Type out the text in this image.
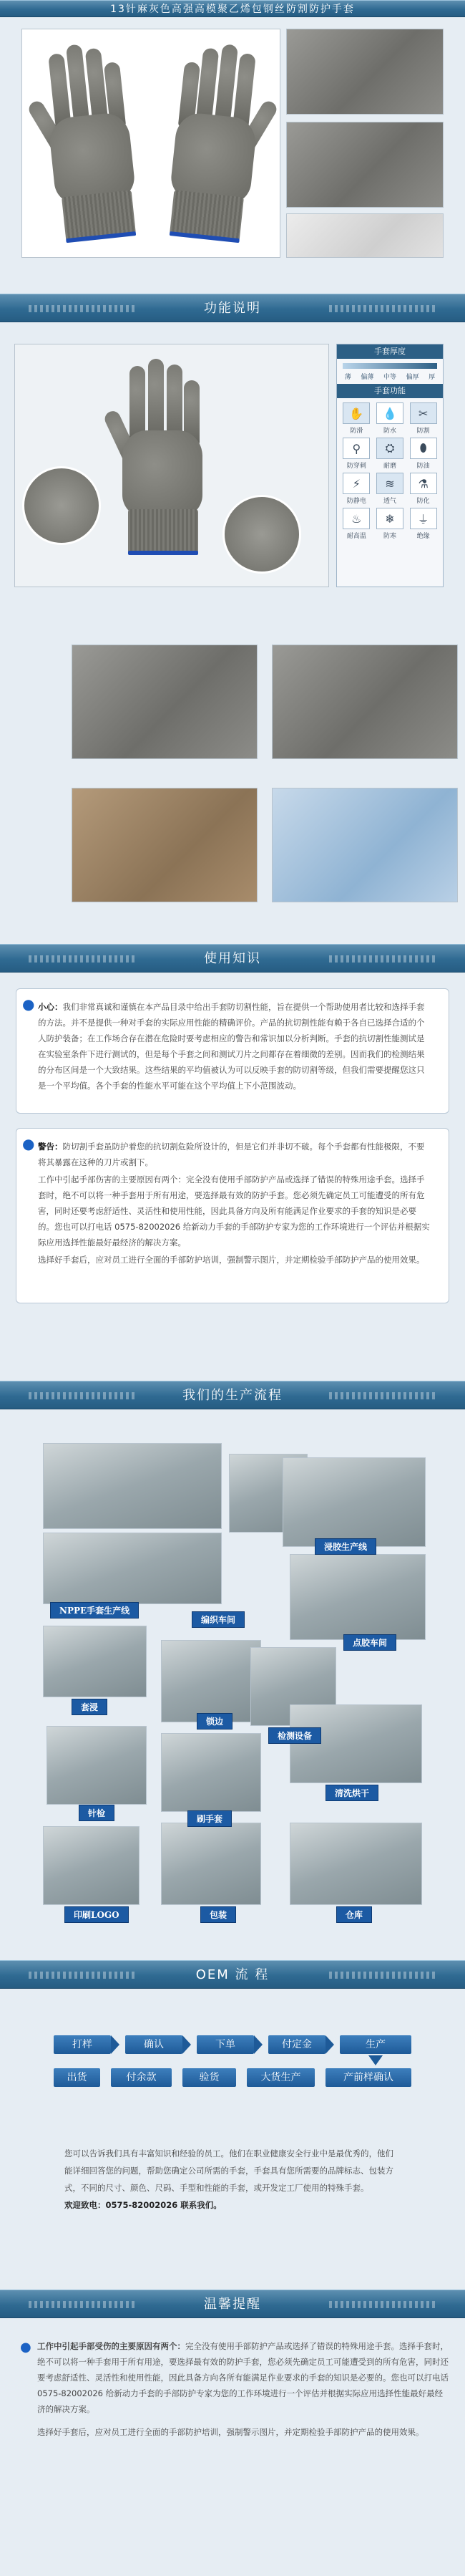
13针麻灰色高强高模聚乙烯包钢丝防割防护手套
功能说明
手套厚度
薄 偏薄 中等 偏厚 厚
手套功能
✋
防滑
💧
防水
✂
防割
⚲
防穿刺
⛭
耐磨
⬮
防油
⚡
防静电
≋
透气
⚗
防化
♨
耐高温
❄
防寒
⏚
绝缘
使用知识
● 小心：我们非常真诚和谨慎在本产品目录中给出手套防切割性能，旨在提供一个帮助使用者比较和选择手套的方法。并不是提供一种对手套的实际应用性能的精确评价。产品的抗切割性能有赖于各自已选择合适的个人防护装备；在工作场合存在潜在危险时要考虑相应的警告和常识加以分析判断。手套的抗切割性能测试是在实验室条件下进行测试的，但是每个手套之间和测试刀片之间都存在着细微的差别。因而我们的检测结果的分布区间是一个大致结果。这些结果的平均值被认为可以反映手套的防切割等级，但我们需要提醒您这只是一个平均值。各个手套的性能水平可能在这个平均值上下小范围波动。

● 警告：防切割手套虽防护着您的抗切割危险所设计的，但是它们并非切不破。每个手套都有性能极限，不要将其暴露在这种的刀片或割下。

工作中引起手部伤害的主要原因有两个：完全没有使用手部防护产品或选择了错误的特殊用途手套。选择手套时，绝不可以将一种手套用于所有用途，要选择最有效的防护手套。您必须先确定员工可能遭受的所有危害，同时还要考虑舒适性、灵活性和使用性能，因此具备方向及所有能满足作业要求的手套的知识是必要的。您也可以打电话 0575-82002026 给新动力手套的手部防护专家为您的工作环境进行一个评估并根据实际应用选择性能最好最经济的解决方案。

选择好手套后，应对员工进行全面的手部防护培训，强制警示图片，并定期检验手部防护产品的使用效果。

我们的生产流程
NPPE手套生产线
编织车间
浸胶生产线
点胶车间
套浸
锁边
检测设备
针检
刷手套
清洗烘干
印刷LOGO	包装	仓库
OEM 流 程
打样	确认	下单	付定金	生产
产前样确认
大货生产
验货
付余款
出货

您可以告诉我们具有丰富知识和经验的员工。他们在职业健康安全行业中是最优秀的，他们能详细回答您的问题，帮助您确定公司所需的手套，手套具有您所需要的品牌标志、包装方式，不同的尺寸、颜色、尺码、手型和性能的手套，或开发定工厂使用的特殊手套。

欢迎致电：0575-82002026 联系我们。

温馨提醒
● 工作中引起手部受伤的主要原因有两个：完全没有使用手部防护产品或选择了错误的特殊用途手套。选择手套时，绝不可以将一种手套用于所有用途，要选择最有效的防护手套，您必须先确定员工可能遭受到的所有危害，同时还要考虑舒适性、灵活性和使用性能，因此具备方向各所有能满足作业要求的手套的知识是必要的。您也可以打电话 0575-82002026 给新动力手套的手部防护专家为您的工作环境进行一个评估并根据实际应用选择性能最好最经济的解决方案。

选择好手套后，应对员工进行全面的手部防护培训，强制警示图片，并定期检验手部防护产品的使用效果。
